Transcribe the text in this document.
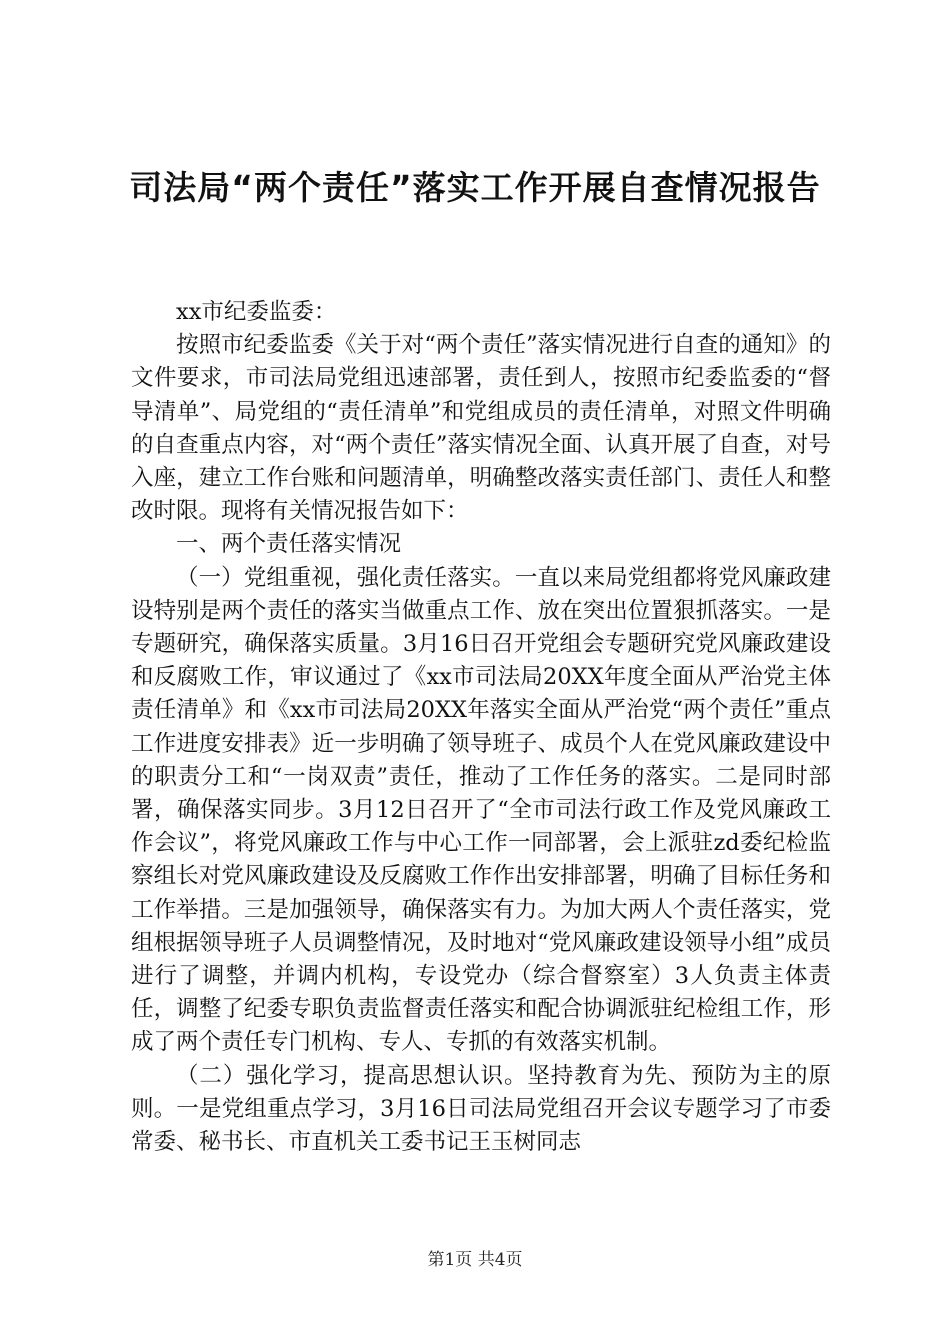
司法局“两个责任”落实工作开展自查情况报告

xx市纪委监委：

按照市纪委监委《关于对“两个责任”落实情况进行自查的通知》的文件要求，市司法局党组迅速部署，责任到人，按照市纪委监委的“督导清单”、局党组的“责任清单”和党组成员的责任清单，对照文件明确的自查重点内容，对“两个责任”落实情况全面、认真开展了自查，对号入座，建立工作台账和问题清单，明确整改落实责任部门、责任人和整改时限。现将有关情况报告如下：

一、两个责任落实情况

（一）党组重视，强化责任落实。一直以来局党组都将党风廉政建设特别是两个责任的落实当做重点工作、放在突出位置狠抓落实。一是专题研究，确保落实质量。3月16日召开党组会专题研究党风廉政建设和反腐败工作，审议通过了《xx市司法局20XX年度全面从严治党主体责任清单》和《xx市司法局20XX年落实全面从严治党“两个责任”重点工作进度安排表》近一步明确了领导班子、成员个人在党风廉政建设中的职责分工和“一岗双责”责任，推动了工作任务的落实。二是同时部署，确保落实同步。3月12日召开了“全市司法行政工作及党风廉政工作会议”，将党风廉政工作与中心工作一同部署，会上派驻zd委纪检监察组长对党风廉政建设及反腐败工作作出安排部署，明确了目标任务和工作举措。三是加强领导，确保落实有力。为加大两人个责任落实，党组根据领导班子人员调整情况，及时地对“党风廉政建设领导小组”成员进行了调整，并调内机构，专设党办（综合督察室）3人负责主体责任，调整了纪委专职负责监督责任落实和配合协调派驻纪检组工作，形成了两个责任专门机构、专人、专抓的有效落实机制。

（二）强化学习，提高思想认识。坚持教育为先、预防为主的原则。一是党组重点学习，3月16日司法局党组召开会议专题学习了市委常委、秘书长、市直机关工委书记王玉树同志

第1页 共4页
